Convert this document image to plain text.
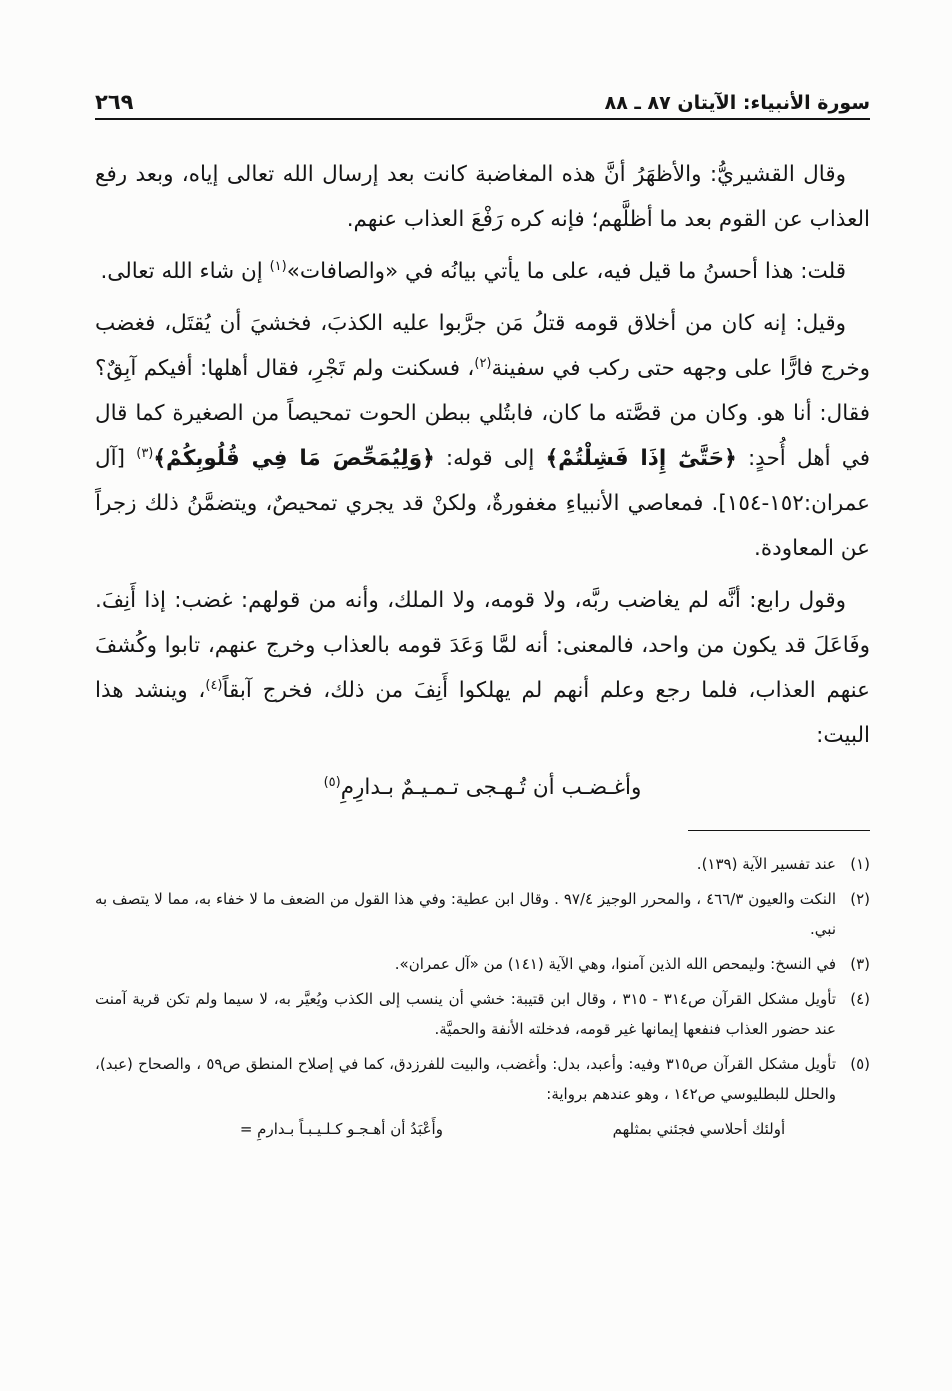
سورة الأنبياء: الآيتان ٨٧ ـ ٨٨
٢٦٩

وقال القشيريُّ: والأظهَرُ أنَّ هذه المغاضبة كانت بعد إرسال الله تعالى إياه، وبعد رفع العذاب عن القوم بعد ما أظلَّهم؛ فإنه كره رَفْعَ العذاب عنهم.

قلت: هذا أحسنُ ما قيل فيه، على ما يأتي بيانُه في «والصافات»$^{(١)}$ إن شاء الله تعالى.

وقيل: إنه كان من أخلاق قومه قتلُ مَن جرَّبوا عليه الكذبَ، فخشيَ أن يُقتَل، فغضب وخرج فارًّا على وجهه حتى ركب في سفينة$^{(٢)}$، فسكنت ولم تَجْرِ، فقال أهلها: أفيكم آبِقٌ؟ فقال: أنا هو. وكان من قصَّته ما كان، فابتُلي ببطن الحوت تمحيصاً من الصغيرة كما قال في أهل أُحدٍ: ﴿حَتَّىٰٓ إِذَا فَشِلْتُمْ﴾ إلى قوله: ﴿وَلِيُمَحِّصَ مَا فِي قُلُوبِكُمْ﴾$^{(٣)}$ [آل عمران:١٥٢-١٥٤]. فمعاصي الأنبياءِ مغفورةٌ، ولكنْ قد يجري تمحيصٌ، ويتضمَّنُ ذلك زجراً عن المعاودة.

وقول رابع: أنَّه لم يغاضب ربَّه، ولا قومه، ولا الملك، وأنه من قولهم: غضب: إذا أَنِفَ. وفَاعَلَ قد يكون من واحد، فالمعنى: أنه لمَّا وَعَدَ قومه بالعذاب وخرج عنهم، تابوا وكُشفَ عنهم العذاب، فلما رجع وعلم أنهم لم يهلكوا أَنِفَ من ذلك، فخرج آبقاً$^{(٤)}$، وينشد هذا البيت:

وأغـضـب أن تُـهـجى تـمـيـمٌ بـدارِمِ$^{(٥)}$
(١)
عند تفسير الآية (١٣٩).
(٢)
النكت والعيون ٤٦٦/٣ ، والمحرر الوجيز ٩٧/٤ . وقال ابن عطية: وفي هذا القول من الضعف ما لا خفاء به، مما لا يتصف به نبي.
(٣)
في النسخ: وليمحص الله الذين آمنوا، وهي الآية (١٤١) من «آل عمران».
(٤)
تأويل مشكل القرآن ص٣١٤ - ٣١٥ ، وقال ابن قتيبة: خشي أن ينسب إلى الكذب ويُعيَّر به، لا سيما ولم تكن قرية آمنت عند حضور العذاب فنفعها إيمانها غير قومه، فدخلته الأنفة والحميَّة.
(٥)
تأويل مشكل القرآن ص٣١٥ وفيه: وأعبد، بدل: وأغضب، والبيت للفرزدق، كما في إصلاح المنطق ص٥٩ ، والصحاح (عبد)، والحلل للبطليوسي ص١٤٢ ، وهو عندهم برواية:
أولئك أحلاسي فجئني بمثلهم
وأَعْبَدُ أن أهـجـو كـلـيـبـاً بـدارمِ =
